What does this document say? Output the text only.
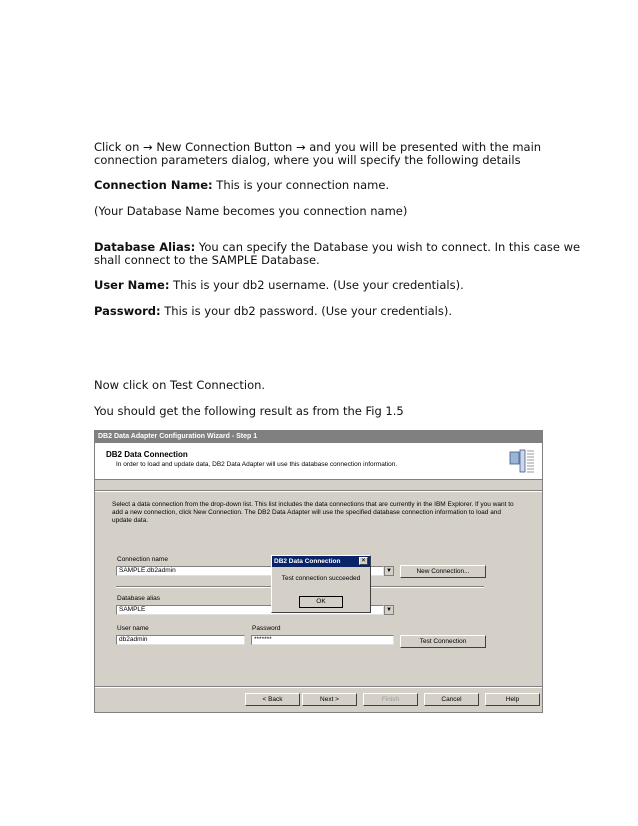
Click on → New Connection Button → and you will be presented with the main
connection parameters dialog, where you will specify the following details
Connection Name: This is your connection name.
(Your Database Name becomes you connection name)
Database Alias: You can specify the Database you wish to connect. In this case we
shall connect to the SAMPLE Database.
User Name: This is your db2 username. (Use your credentials).
Password: This is your db2 password. (Use your credentials).
Now click on Test Connection.
You should get the following result as from the Fig 1.5
DB2 Data Adapter Configuration Wizard - Step 1
DB2 Data Connection
In order to load and update data, DB2 Data Adapter will use this database connection information.
Select a data connection from the drop-down list. This list includes the data connections that are currently in the IBM Explorer. If you want to add a new connection, click New Connection. The DB2 Data Adapter will use the specified database connection information to load and update data.
Connection name
SAMPLE.db2admin	▼	New Connection...
Database alias
SAMPLE	▼
User name
db2admin
Password
*******	Test Connection
< Back	Next >	Finish	Cancel	Help
DB2 Data Connection	✕
Test connection succeeded
OK
